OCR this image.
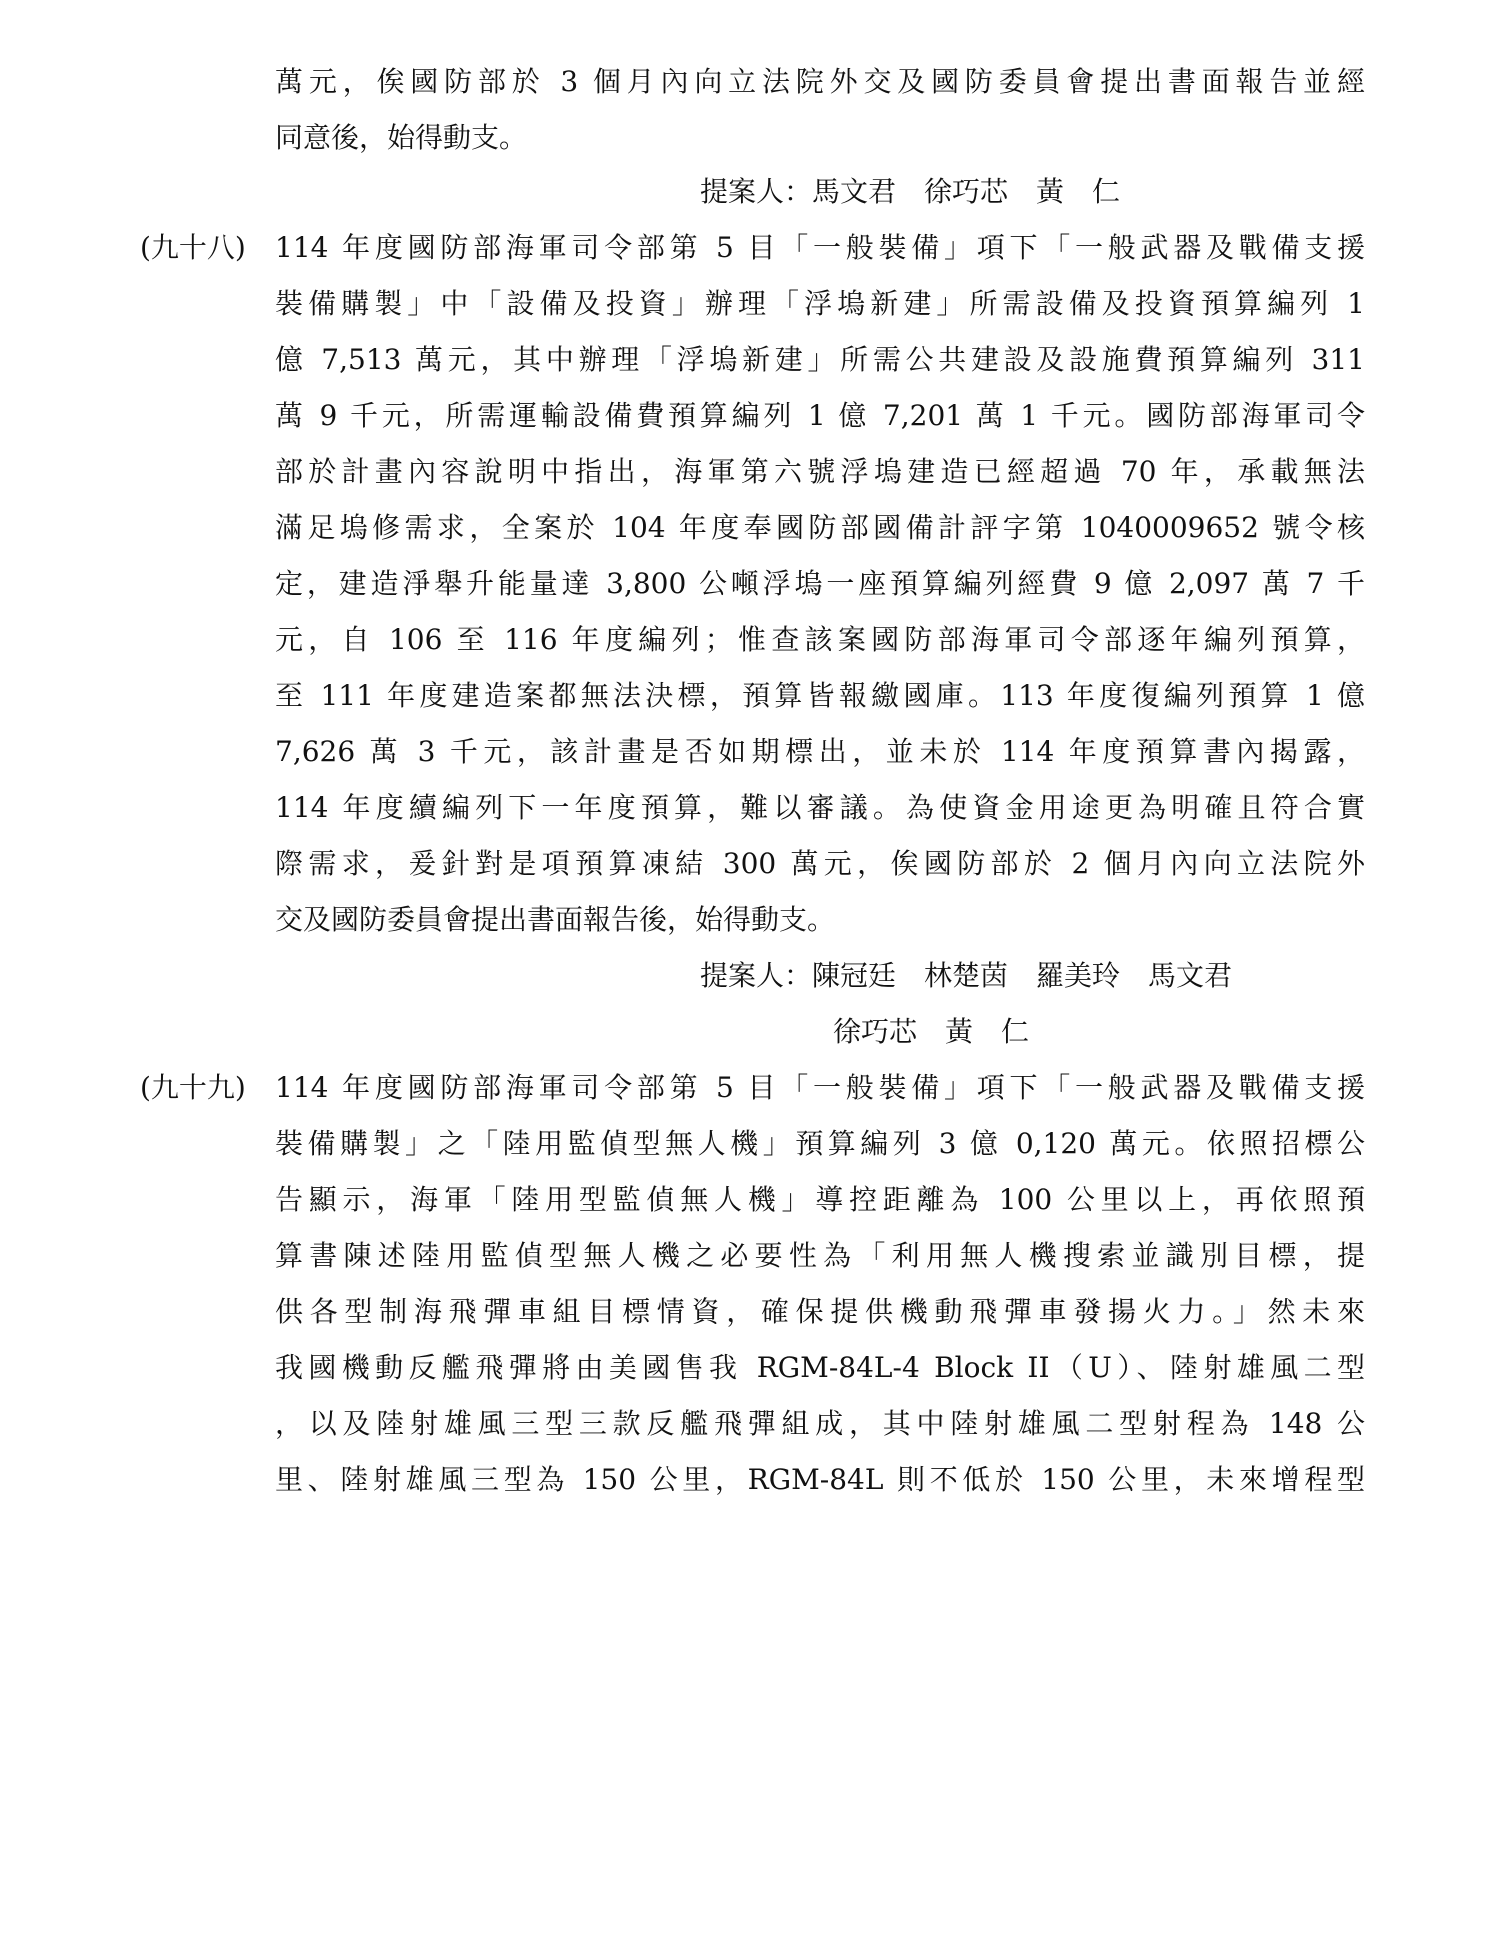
萬元，俟國防部於 3 個月內向立法院外交及國防委員會提出書面報告並經
同意後，始得動支。
提案人：馬文君　徐巧芯　黃　仁
(九十八) 114 年度國防部海軍司令部第 5 目「一般裝備」項下「一般武器及戰備支援
裝備購製」中「設備及投資」辦理「浮塢新建」所需設備及投資預算編列 1
億 7,513 萬元，其中辦理「浮塢新建」所需公共建設及設施費預算編列 311
萬 9 千元，所需運輸設備費預算編列 1 億 7,201 萬 1 千元。國防部海軍司令
部於計畫內容說明中指出，海軍第六號浮塢建造已經超過 70 年，承載無法
滿足塢修需求，全案於 104 年度奉國防部國備計評字第 1040009652 號令核
定，建造淨舉升能量達 3,800 公噸浮塢一座預算編列經費 9 億 2,097 萬 7 千
元，自 106 至 116 年度編列；惟查該案國防部海軍司令部逐年編列預算，
至 111 年度建造案都無法決標，預算皆報繳國庫。113 年度復編列預算 1 億
7,626 萬 3 千元，該計畫是否如期標出，並未於 114 年度預算書內揭露，
114 年度續編列下一年度預算，難以審議。為使資金用途更為明確且符合實
際需求，爰針對是項預算凍結 300 萬元，俟國防部於 2 個月內向立法院外
交及國防委員會提出書面報告後，始得動支。
提案人：陳冠廷　林楚茵　羅美玲　馬文君
徐巧芯　黃　仁
(九十九) 114 年度國防部海軍司令部第 5 目「一般裝備」項下「一般武器及戰備支援
裝備購製」之「陸用監偵型無人機」預算編列 3 億 0,120 萬元。依照招標公
告顯示，海軍「陸用型監偵無人機」導控距離為 100 公里以上，再依照預
算書陳述陸用監偵型無人機之必要性為「利用無人機搜索並識別目標，提
供各型制海飛彈車組目標情資，確保提供機動飛彈車發揚火力。」然未來
我國機動反艦飛彈將由美國售我 RGM-84L-4 Block II（U）、陸射雄風二型
，以及陸射雄風三型三款反艦飛彈組成，其中陸射雄風二型射程為 148 公
里、陸射雄風三型為 150 公里，RGM-84L 則不低於 150 公里，未來增程型
